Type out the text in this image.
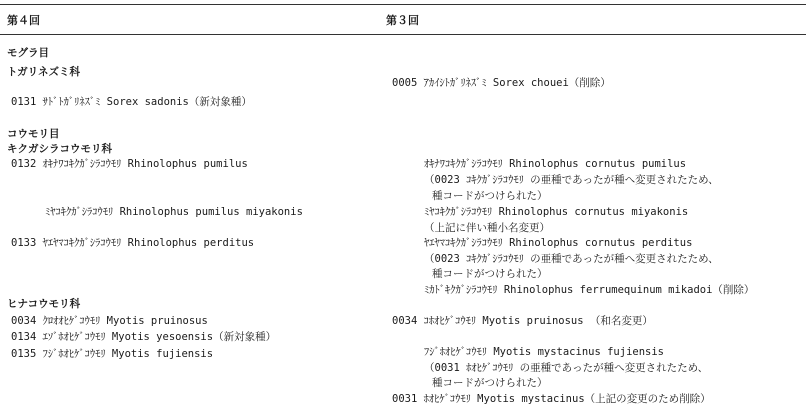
第４回	第３回
モグラ目
トガリネズミ科
0131 ｻﾄﾞﾄｶﾞﾘﾈｽﾞﾐ Sorex sadonis（新対象種）
コウモリ目
キクガシラコウモリ科
0132 ｵｷﾅﾜｺｷｸｶﾞｼﾗｺｳﾓﾘ Rhinolophus pumilus
ﾐﾔｺｷｸｶﾞｼﾗｺｳﾓﾘ Rhinolophus pumilus miyakonis
0133 ﾔｴﾔﾏｺｷｸｶﾞｼﾗｺｳﾓﾘ Rhinolophus perditus
ヒナコウモリ科
0034 ｸﾛｵｵﾋｹﾞｺｳﾓﾘ Myotis pruinosus
0134 ｴｿﾞﾎｵﾋｹﾞｺｳﾓﾘ Myotis yesoensis（新対象種）
0135 ﾌｼﾞﾎｵﾋｹﾞｺｳﾓﾘ Myotis fujiensis
0005 ｱｶｲｼﾄｶﾞﾘﾈｽﾞﾐ Sorex chouei（削除）
ｵｷﾅﾜｺｷｸｶﾞｼﾗｺｳﾓﾘ Rhinolophus cornutus pumilus
（0023 ｺｷｸｶﾞｼﾗｺｳﾓﾘ の亜種であったが種へ変更されたため、
種コードがつけられた）
ﾐﾔｺｷｸｶﾞｼﾗｺｳﾓﾘ Rhinolophus cornutus miyakonis
（上記に伴い種小名変更）
ﾔｴﾔﾏｺｷｸｶﾞｼﾗｺｳﾓﾘ Rhinolophus cornutus perditus
（0023 ｺｷｸｶﾞｼﾗｺｳﾓﾘ の亜種であったが種へ変更されたため、
種コードがつけられた）
ﾐｶﾄﾞｷｸｶﾞｼﾗｺｳﾓﾘ Rhinolophus ferrumequinum mikadoi（削除）
0034 ｺﾎｵﾋｹﾞｺｳﾓﾘ Myotis pruinosus （和名変更）
ﾌｼﾞﾎｵﾋｹﾞｺｳﾓﾘ Myotis mystacinus fujiensis
（0031 ﾎｵﾋｹﾞｺｳﾓﾘ の亜種であったが種へ変更されたため、
種コードがつけられた）
0031 ﾎｵﾋｹﾞｺｳﾓﾘ Myotis mystacinus（上記の変更のため削除）
